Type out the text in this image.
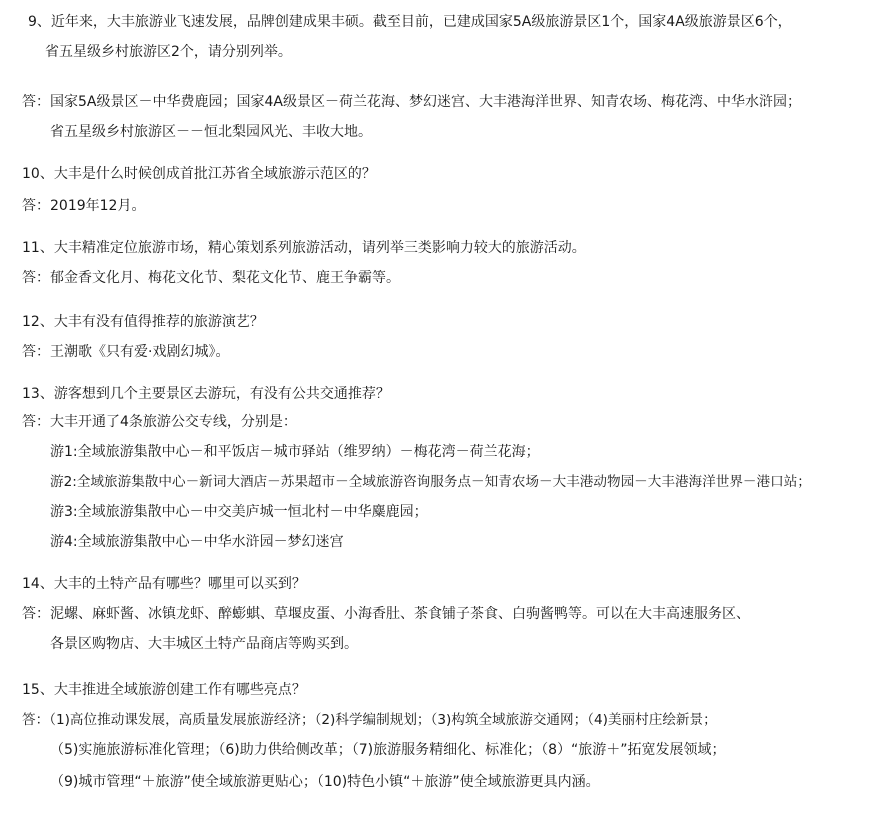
9、近年来，大丰旅游业飞速发展，品牌创建成果丰硕。截至目前，已建成国家5A级旅游景区1个，国家4A级旅游景区6个，
省五星级乡村旅游区2个，请分别列举。
答：国家5A级景区－中华费鹿园；国家4A级景区－荷兰花海、梦幻迷宫、大丰港海洋世界、知青农场、梅花湾、中华水浒园；
省五星级乡村旅游区－－恒北梨园风光、丰收大地。
10、大丰是什么时候创成首批江苏省全域旅游示范区的？
答：2019年12月。
11、大丰精准定位旅游市场，精心策划系列旅游活动，请列举三类影响力较大的旅游活动。
答：郁金香文化月、梅花文化节、梨花文化节、鹿王争霸等。
12、大丰有没有值得推荐的旅游演艺？
答：王潮歌《只有爱·戏剧幻城》。
13、游客想到几个主要景区去游玩，有没有公共交通推荐？
答：大丰开通了4条旅游公交专线，分别是：
游1:全域旅游集散中心－和平饭店－城市驿站（维罗纳）－梅花湾－荷兰花海；
游2:全域旅游集散中心－新词大酒店－苏果超市－全域旅游咨询服务点－知青农场－大丰港动物园－大丰港海洋世界－港口站；
游3:全域旅游集散中心－中交美庐城一恒北村－中华麋鹿园；
游4:全域旅游集散中心－中华水浒园－梦幻迷宫
14、大丰的土特产品有哪些？哪里可以买到？
答：泥螺、麻虾酱、冰镇龙虾、醉蟛蜞、草堰皮蛋、小海香肚、茶食铺子茶食、白驹酱鸭等。可以在大丰高速服务区、
各景区购物店、大丰城区土特产品商店等购买到。
15、大丰推进全域旅游创建工作有哪些亮点？
答：（1)高位推动课发展，高质量发展旅游经济；（2)科学编制规划；（3)构筑全域旅游交通网；（4)美丽村庄绘新景；
（5)实施旅游标准化管理；（6)助力供给侧改革；（7)旅游服务精细化、标准化；（8）“旅游＋”拓宽发展领域；
（9)城市管理“＋旅游”使全域旅游更贴心；（10)特色小镇“＋旅游”使全域旅游更具内涵。
